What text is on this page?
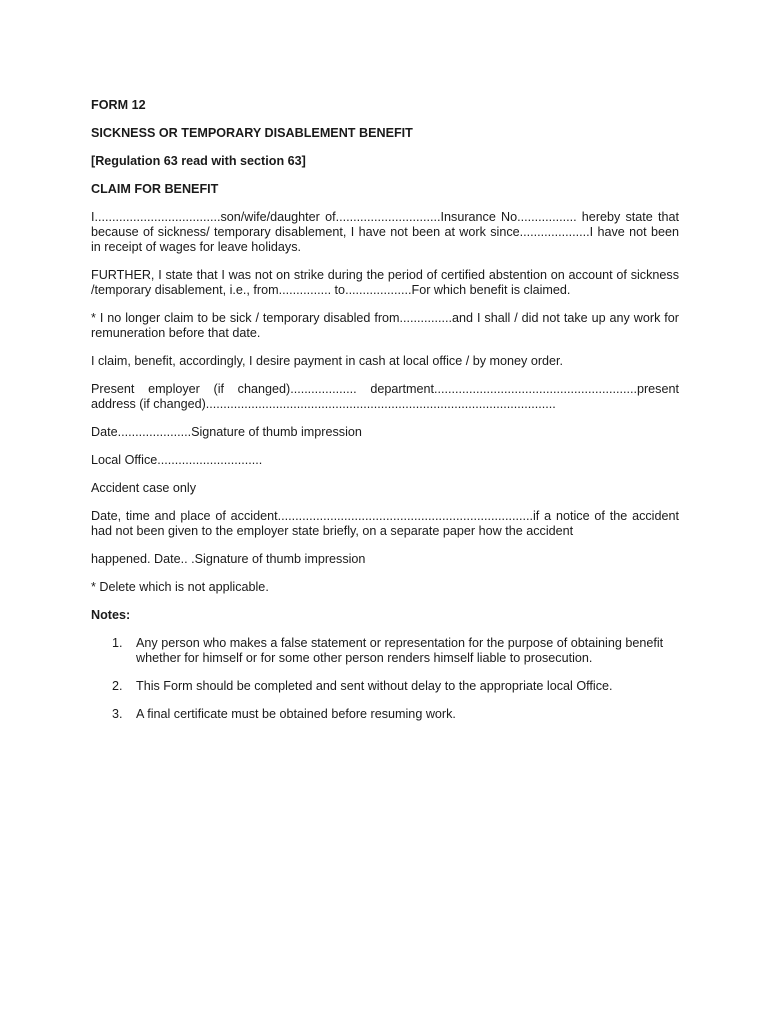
FORM 12
SICKNESS OR TEMPORARY DISABLEMENT BENEFIT
[Regulation 63 read with section 63]
CLAIM FOR BENEFIT

I....................................son/wife/daughter of..............................Insurance No................. hereby state that because of sickness/ temporary disablement, I have not been at work since....................I have not been in receipt of wages for leave holidays.

FURTHER, I state that I was not on strike during the period of certified abstention on account of sickness /temporary disablement, i.e., from............... to...................For which benefit is claimed.

* I no longer claim to be sick / temporary disabled from...............and I shall / did not take up any work for remuneration before that date.

I claim, benefit, accordingly, I desire payment in cash at local office / by money order.

Present employer (if changed)................... department..........................................................present address (if changed)....................................................................................................

Date.....................Signature of thumb impression

Local Office..............................

Accident case only

Date, time and place of accident.........................................................................if a notice of the accident had not been given to the employer state briefly, on a separate paper how the accident

happened. Date.. .Signature of thumb impression

* Delete which is not applicable.

Notes:
1. Any person who makes a false statement or representation for the purpose of obtaining benefit whether for himself or for some other person renders himself liable to prosecution.
2. This Form should be completed and sent without delay to the appropriate local Office.
3. A final certificate must be obtained before resuming work.
